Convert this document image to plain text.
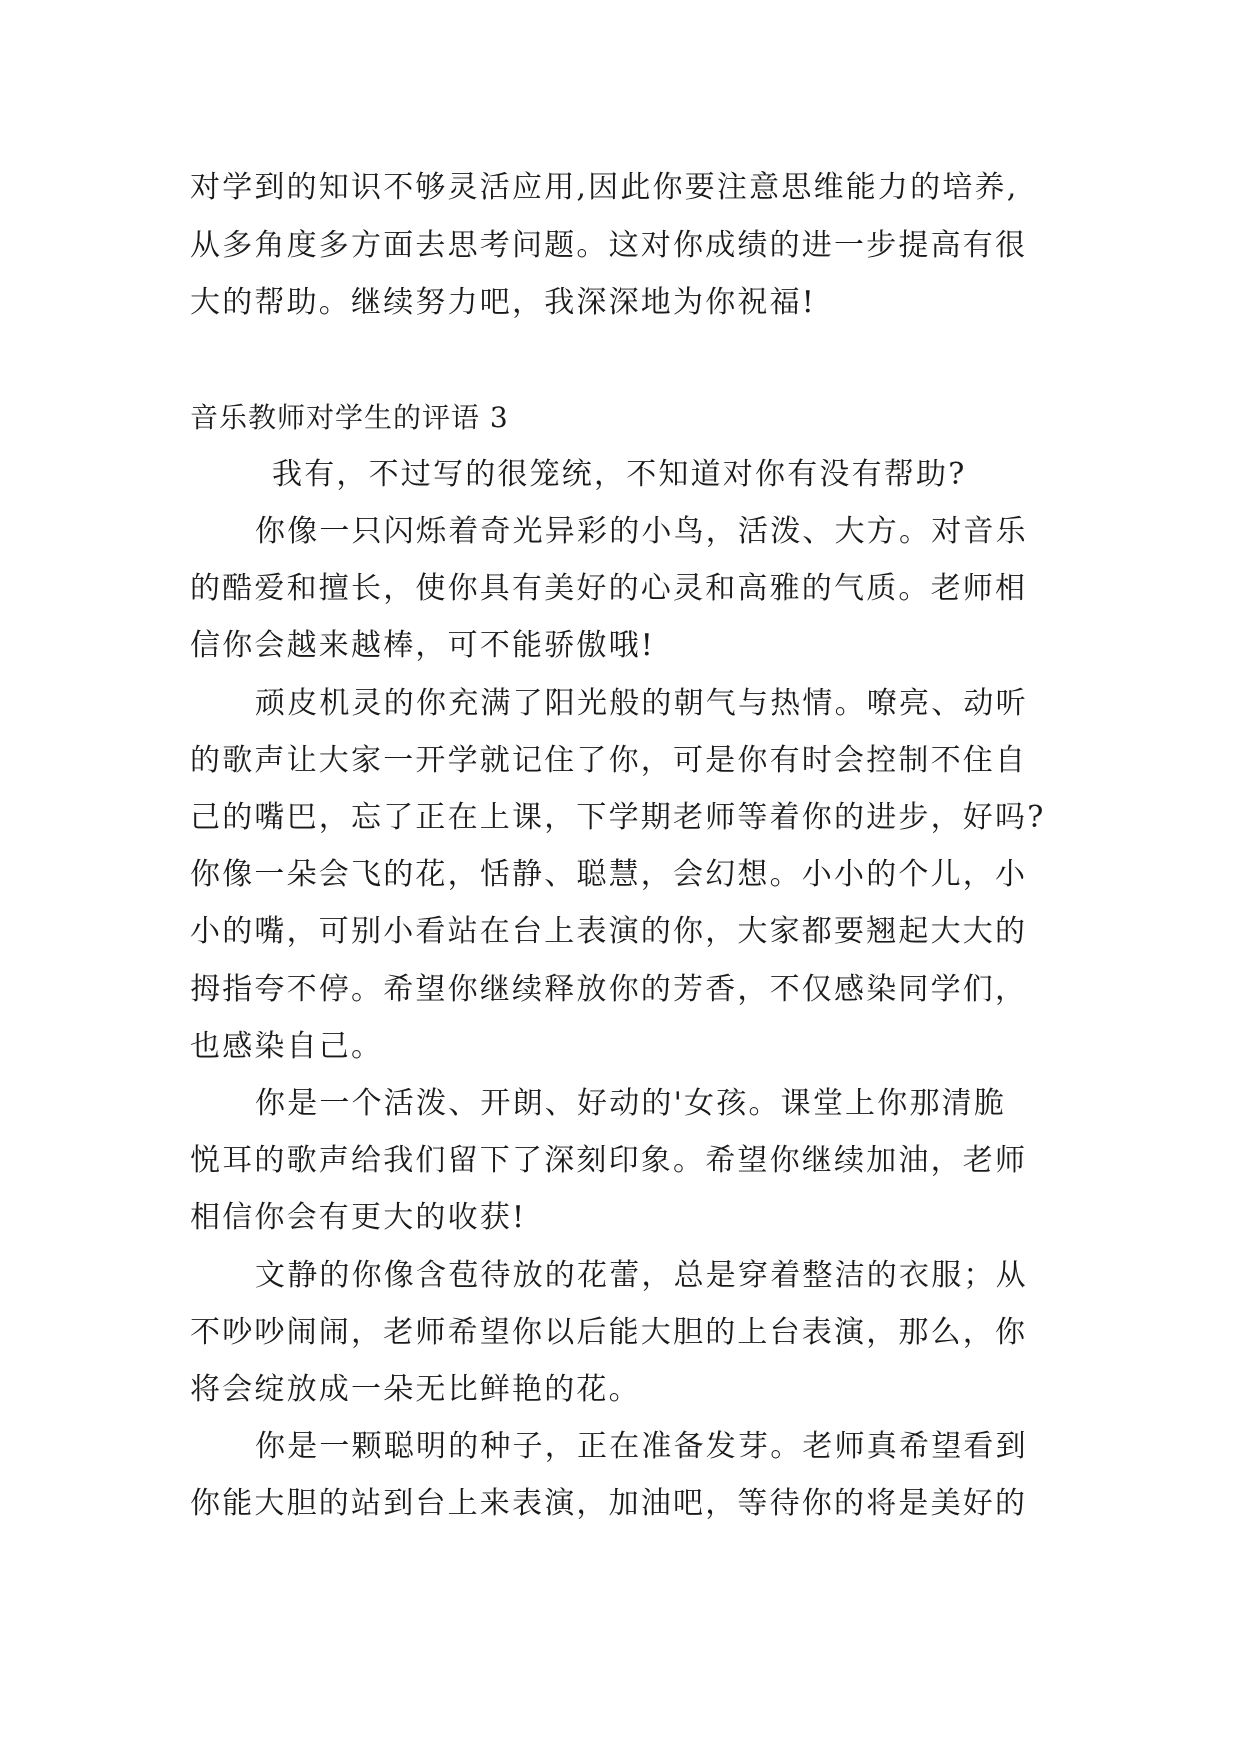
对学到的知识不够灵活应用,因此你要注意思维能力的培养,

从多角度多方面去思考问题。这对你成绩的进一步提高有很

大的帮助。继续努力吧，我深深地为你祝福!

音乐教师对学生的评语 3

我有，不过写的很笼统，不知道对你有没有帮助?

你像一只闪烁着奇光异彩的小鸟，活泼、大方。对音乐

的酷爱和擅长，使你具有美好的心灵和高雅的气质。老师相

信你会越来越棒，可不能骄傲哦!

顽皮机灵的你充满了阳光般的朝气与热情。嘹亮、动听

的歌声让大家一开学就记住了你，可是你有时会控制不住自

己的嘴巴，忘了正在上课，下学期老师等着你的进步，好吗?

你像一朵会飞的花，恬静、聪慧，会幻想。小小的个儿，小

小的嘴，可别小看站在台上表演的你，大家都要翘起大大的

拇指夸不停。希望你继续释放你的芳香，不仅感染同学们，

也感染自己。

你是一个活泼、开朗、好动的'女孩。课堂上你那清脆

悦耳的歌声给我们留下了深刻印象。希望你继续加油，老师

相信你会有更大的收获!

文静的你像含苞待放的花蕾，总是穿着整洁的衣服；从

不吵吵闹闹，老师希望你以后能大胆的上台表演，那么，你

将会绽放成一朵无比鲜艳的花。

你是一颗聪明的种子，正在准备发芽。老师真希望看到

你能大胆的站到台上来表演，加油吧，等待你的将是美好的
